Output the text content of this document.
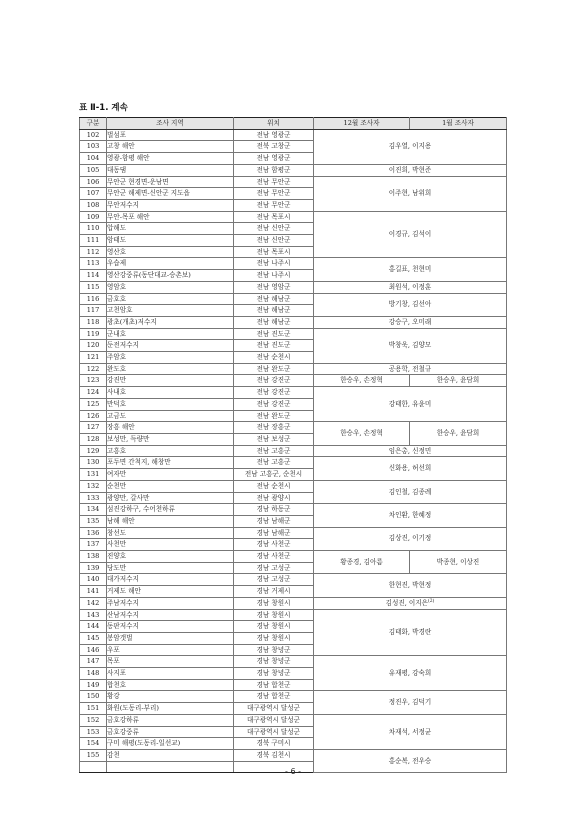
표 Ⅱ-1. 계속
구분	조사 지역	위치	12월 조사자	1월 조사자
102	벌섬포	전남 영광군	김우열, 이지용	
103	고창 해안	전북 고창군		
104	영광-함평 해안	전남 영광군		
105	대동댐	전남 함평군	이진희, 박현준	
106	무안군 현경면-운남면	전남 무안군	이주현, 남위희	
107	무안군 해제면-신안군 지도읍	전남 무안군		
108	무안저수지	전남 무안군		
109	무안-목포 해안	전남 목포시	이경규, 김석이	
110	압해도	전남 신안군		
111	암태도	전남 신안군		
112	영산호	전남 목포시		
113	우습제	전남 나주시	홍길표, 천현미	
114	영산강중류(동단대교-승촌보)	전남 나주시		
115	영암호	전남 영암군	최원석, 이정훈	
116	금호호	전남 해남군	방기창, 김선아	
117	고천암호	전남 해남군		
118	광초(개초)저수지	전남 해남군	강승구, 오미래	
119	군내호	전남 진도군	박창욱, 김양모	
120	둔전저수지	전남 진도군		
121	주암호	전남 순천시		
122	완도호	전남 완도군	공용학, 전철규	
123	강진만	전남 강진군	한승우, 손정혁	한승우, 윤담희
124	사내호	전남 강진군	강태한, 유윤미	
125	만덕호	전남 강진군		
126	고금도	전남 완도군		
127	장흥 해안	전남 장흥군	한승우, 손정혁	한승우, 윤담희
128	보성만, 득량만	전남 보성군		
129	고흥호	전남 고흥군	임은총, 신정민	
130	포두면 간척지, 해창만	전남 고흥군	신화용, 허선희	
131	여자만	전남 고흥군, 순천시		
132	순천만	전남 순천시	김인철, 김종례	
133	광양만, 갈사만	전남 광양시		
134	섬진강하구, 수어천하류	경남 하동군	차인환, 한혜정	
135	남해 해안	경남 남해군		
136	창선도	경남 남해군	김상진, 이기정	
137	사천만	경남 사천군		
138	진양호	경남 사천군	황종경, 김아름	박종현, 이상진
139	당도만	경남 고성군		
140	대가저수지	경남 고성군	한현진, 박현정	
141	거제도 해안	경남 거제시		
142	주남저수지	경남 창원시	김성진, 이지은$^{(2)}$
143	산남저수지	경남 창원시	김태화, 박경란	
144	동판저수지	경남 창원시		
145	봉암갯벌	경남 창원시		
146	우포	경남 창녕군		
147	목포	경남 창녕군	유재평, 강숙희	
148	사지포	경남 창녕군		
149	합천호	경남 합천군		
150	황강	경남 합천군	정진우, 김덕기	
151	화원(도동리-부리)	대구광역시 달성군		
152	금호강하류	대구광역시 달성군	차재석, 서정균	
153	금호강중류	대구광역시 달성군		
154	구미 해평(도동리-일선교)	경북 구미시		
155	감천	경북 김천시	홍순복, 전우승	

- 6 -
